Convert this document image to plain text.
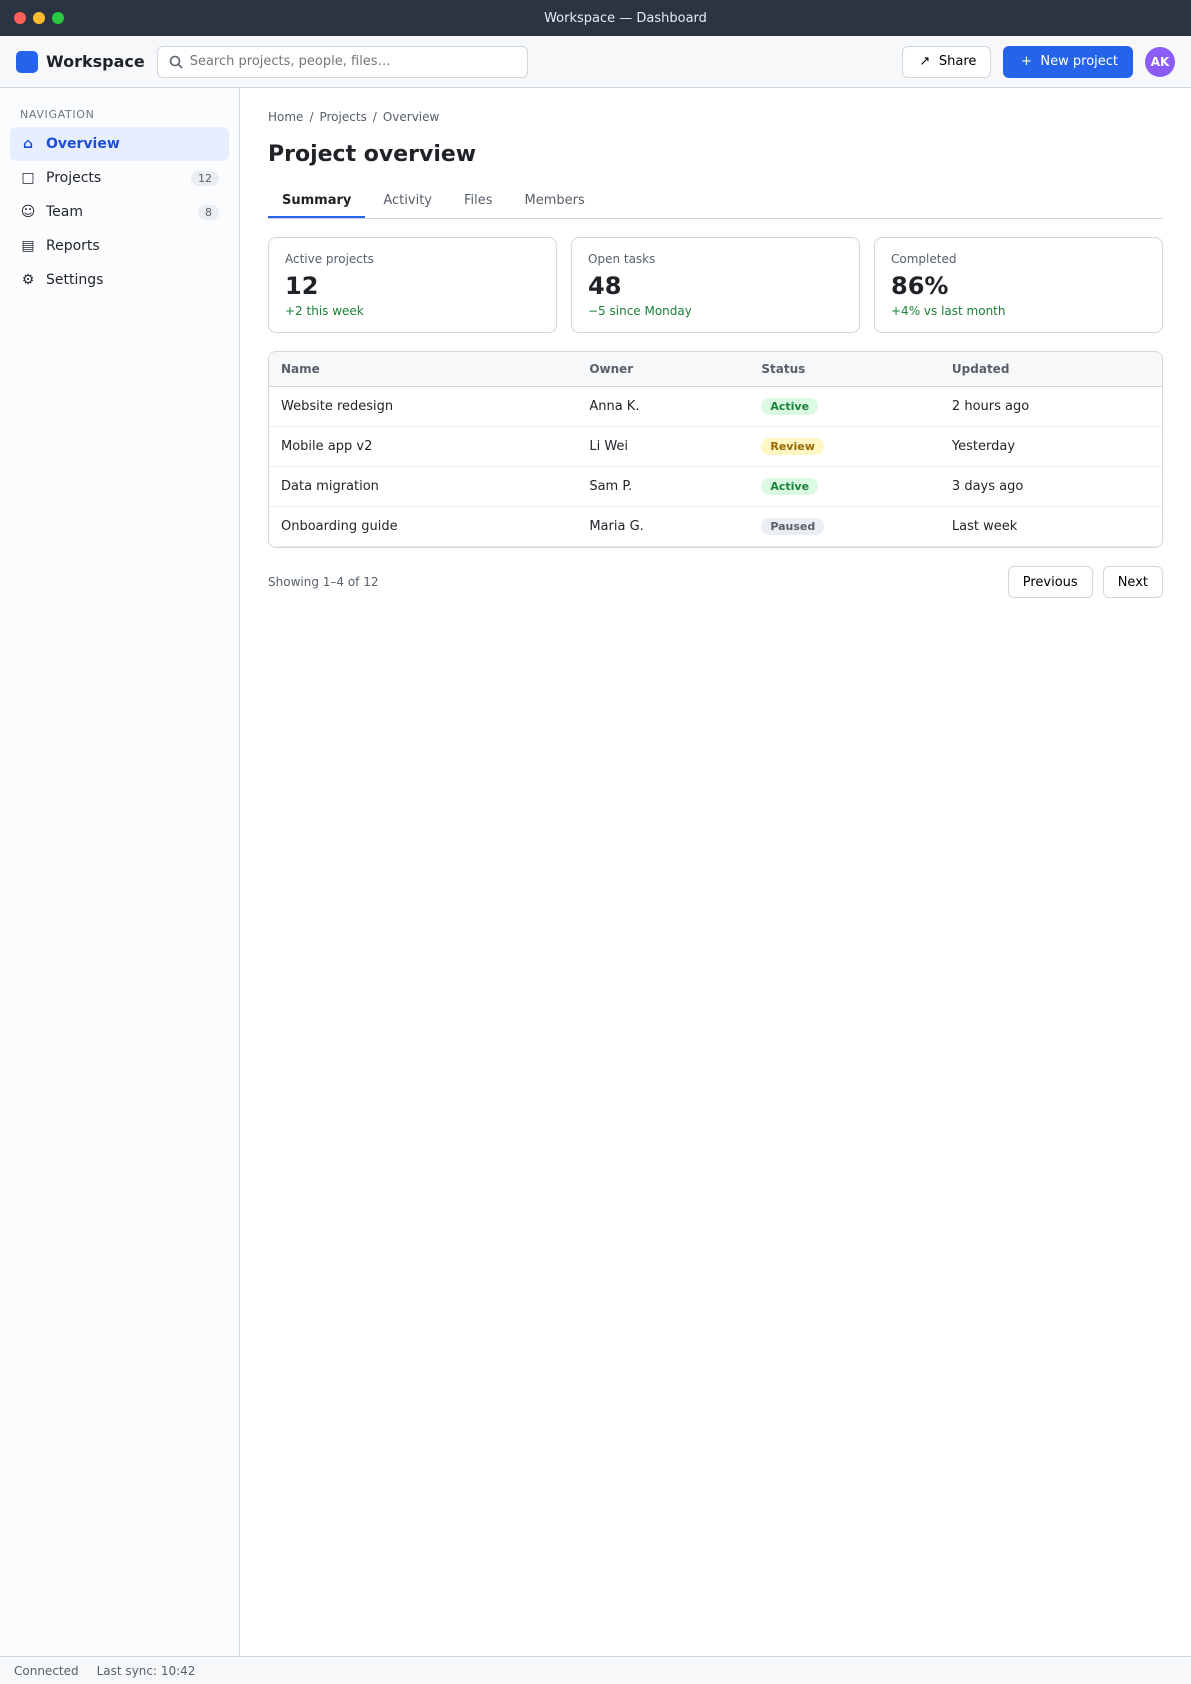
Workspace — Dashboard
Workspace
Search projects, people, files…	↗ Share	+ New project	AK
NAVIGATION
⌂ Overview
□ Projects	12
☺ Team	8
▤ Reports
⚙ Settings
Home / Projects / Overview
Project overview
Summary	Activity	Files	Members
Active projects
12
+2 this week
Open tasks
48
−5 since Monday
Completed
86%
+4% vs last month
Name	Owner	Status	Updated
Website redesign	Anna K.	Active	2 hours ago
Mobile app v2	Li Wei	Review	Yesterday
Data migration	Sam P.	Active	3 days ago
Onboarding guide	Maria G.	Paused	Last week
Showing 1–4 of 12	Previous	Next
Connected Last sync: 10:42
